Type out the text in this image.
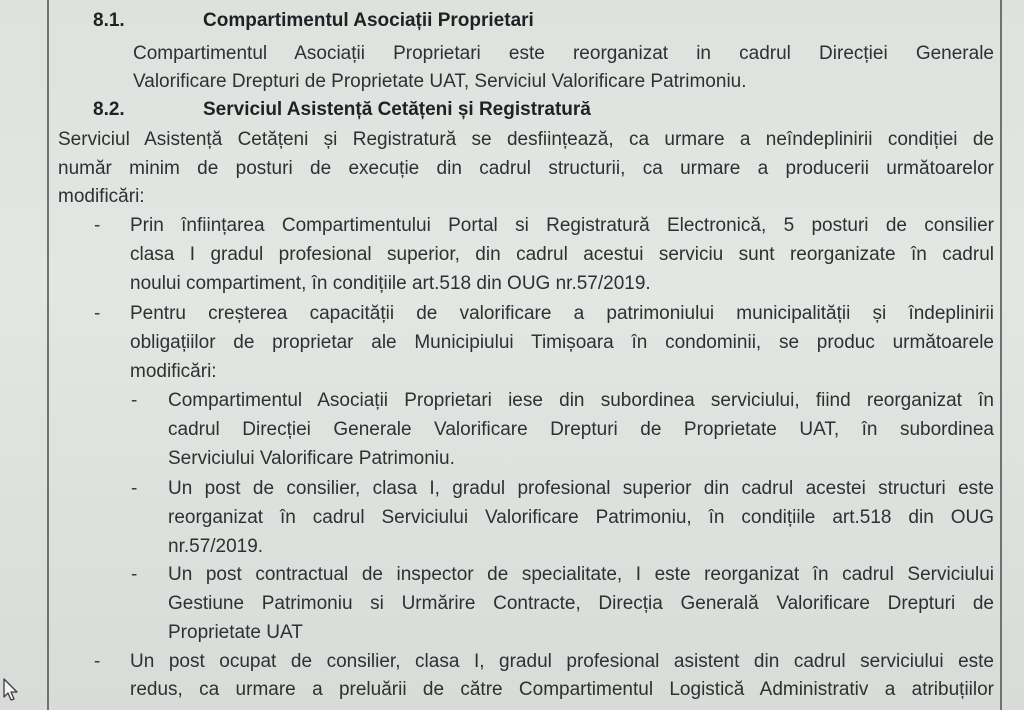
8.1.	Compartimentul Asociații Proprietari
Compartimentul Asociații Proprietari este reorganizat in cadrul Direcției Generale
Valorificare Drepturi de Proprietate UAT, Serviciul Valorificare Patrimoniu.
8.2.	Serviciul Asistență Cetățeni și Registratură
Serviciul Asistență Cetățeni și Registratură se desființează, ca urmare a neîndeplinirii condiției de
număr minim de posturi de execuție din cadrul structurii, ca urmare a producerii următoarelor
modificări:
- Prin înființarea Compartimentului Portal si Registratură Electronică, 5 posturi de consilier
clasa I gradul profesional superior, din cadrul acestui serviciu sunt reorganizate în cadrul
noului compartiment, în condițiile art.518 din OUG nr.57/2019.
- Pentru creșterea capacității de valorificare a patrimoniului municipalității și îndeplinirii
obligațiilor de proprietar ale Municipiului Timișoara în condominii, se produc următoarele
modificări:
- Compartimentul Asociații Proprietari iese din subordinea serviciului, fiind reorganizat în
cadrul Direcției Generale Valorificare Drepturi de Proprietate UAT, în subordinea
Serviciului Valorificare Patrimoniu.
- Un post de consilier, clasa I, gradul profesional superior din cadrul acestei structuri este
reorganizat în cadrul Serviciului Valorificare Patrimoniu, în condițiile art.518 din OUG
nr.57/2019.
- Un post contractual de inspector de specialitate, I este reorganizat în cadrul Serviciului
Gestiune Patrimoniu si Urmărire Contracte, Direcția Generală Valorificare Drepturi de
Proprietate UAT
- Un post ocupat de consilier, clasa I, gradul profesional asistent din cadrul serviciului este
redus, ca urmare a preluării de către Compartimentul Logistică Administrativ a atribuțiilor
